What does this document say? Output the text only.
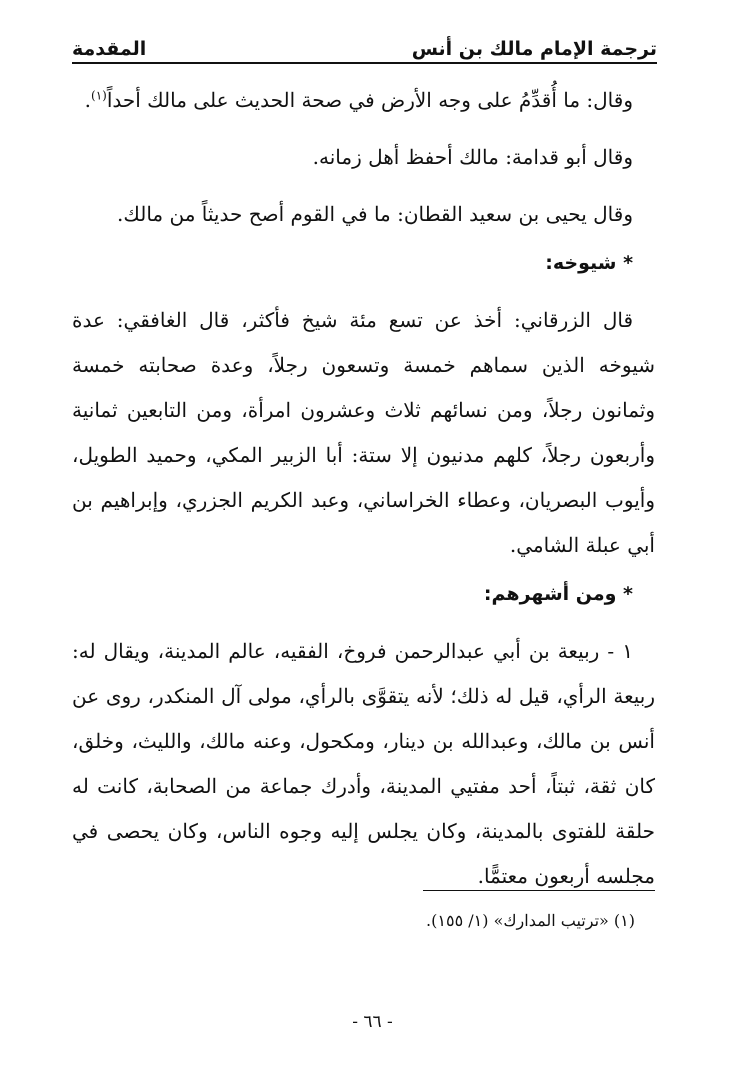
ترجمة الإمام مالك بن أنس
المقدمة

وقال: ما أُقدِّمُ على وجه الأرض في صحة الحديث على مالك أحداً$^{(١)}$.

وقال أبو قدامة: مالك أحفظ أهل زمانه.

وقال يحيى بن سعيد القطان: ما في القوم أصح حديثاً من مالك.

* شيوخه:

قال الزرقاني: أخذ عن تسع مئة شيخ فأكثر، قال الغافقي: عدة شيوخه الذين سماهم خمسة وتسعون رجلاً، وعدة صحابته خمسة وثمانون رجلاً، ومن نسائهم ثلاث وعشرون امرأة، ومن التابعين ثمانية وأربعون رجلاً، كلهم مدنيون إلا ستة: أبا الزبير المكي، وحميد الطويل، وأيوب البصريان، وعطاء الخراساني، وعبد الكريم الجزري، وإبراهيم بن أبي عبلة الشامي.

* ومن أشهرهم:

١ - ربيعة بن أبي عبدالرحمن فروخ، الفقيه، عالم المدينة، ويقال له: ربيعة الرأي، قيل له ذلك؛ لأنه يتقوَّى بالرأي، مولى آل المنكدر، روى عن أنس بن مالك، وعبدالله بن دينار، ومكحول، وعنه مالك، والليث، وخلق، كان ثقة، ثبتاً، أحد مفتيي المدينة، وأدرك جماعة من الصحابة، كانت له حلقة للفتوى بالمدينة، وكان يجلس إليه وجوه الناس، وكان يحصى في مجلسه أربعون معتمًّا.

(١) «ترتيب المدارك» (١/ ١٥٥).
- ٦٦ -
